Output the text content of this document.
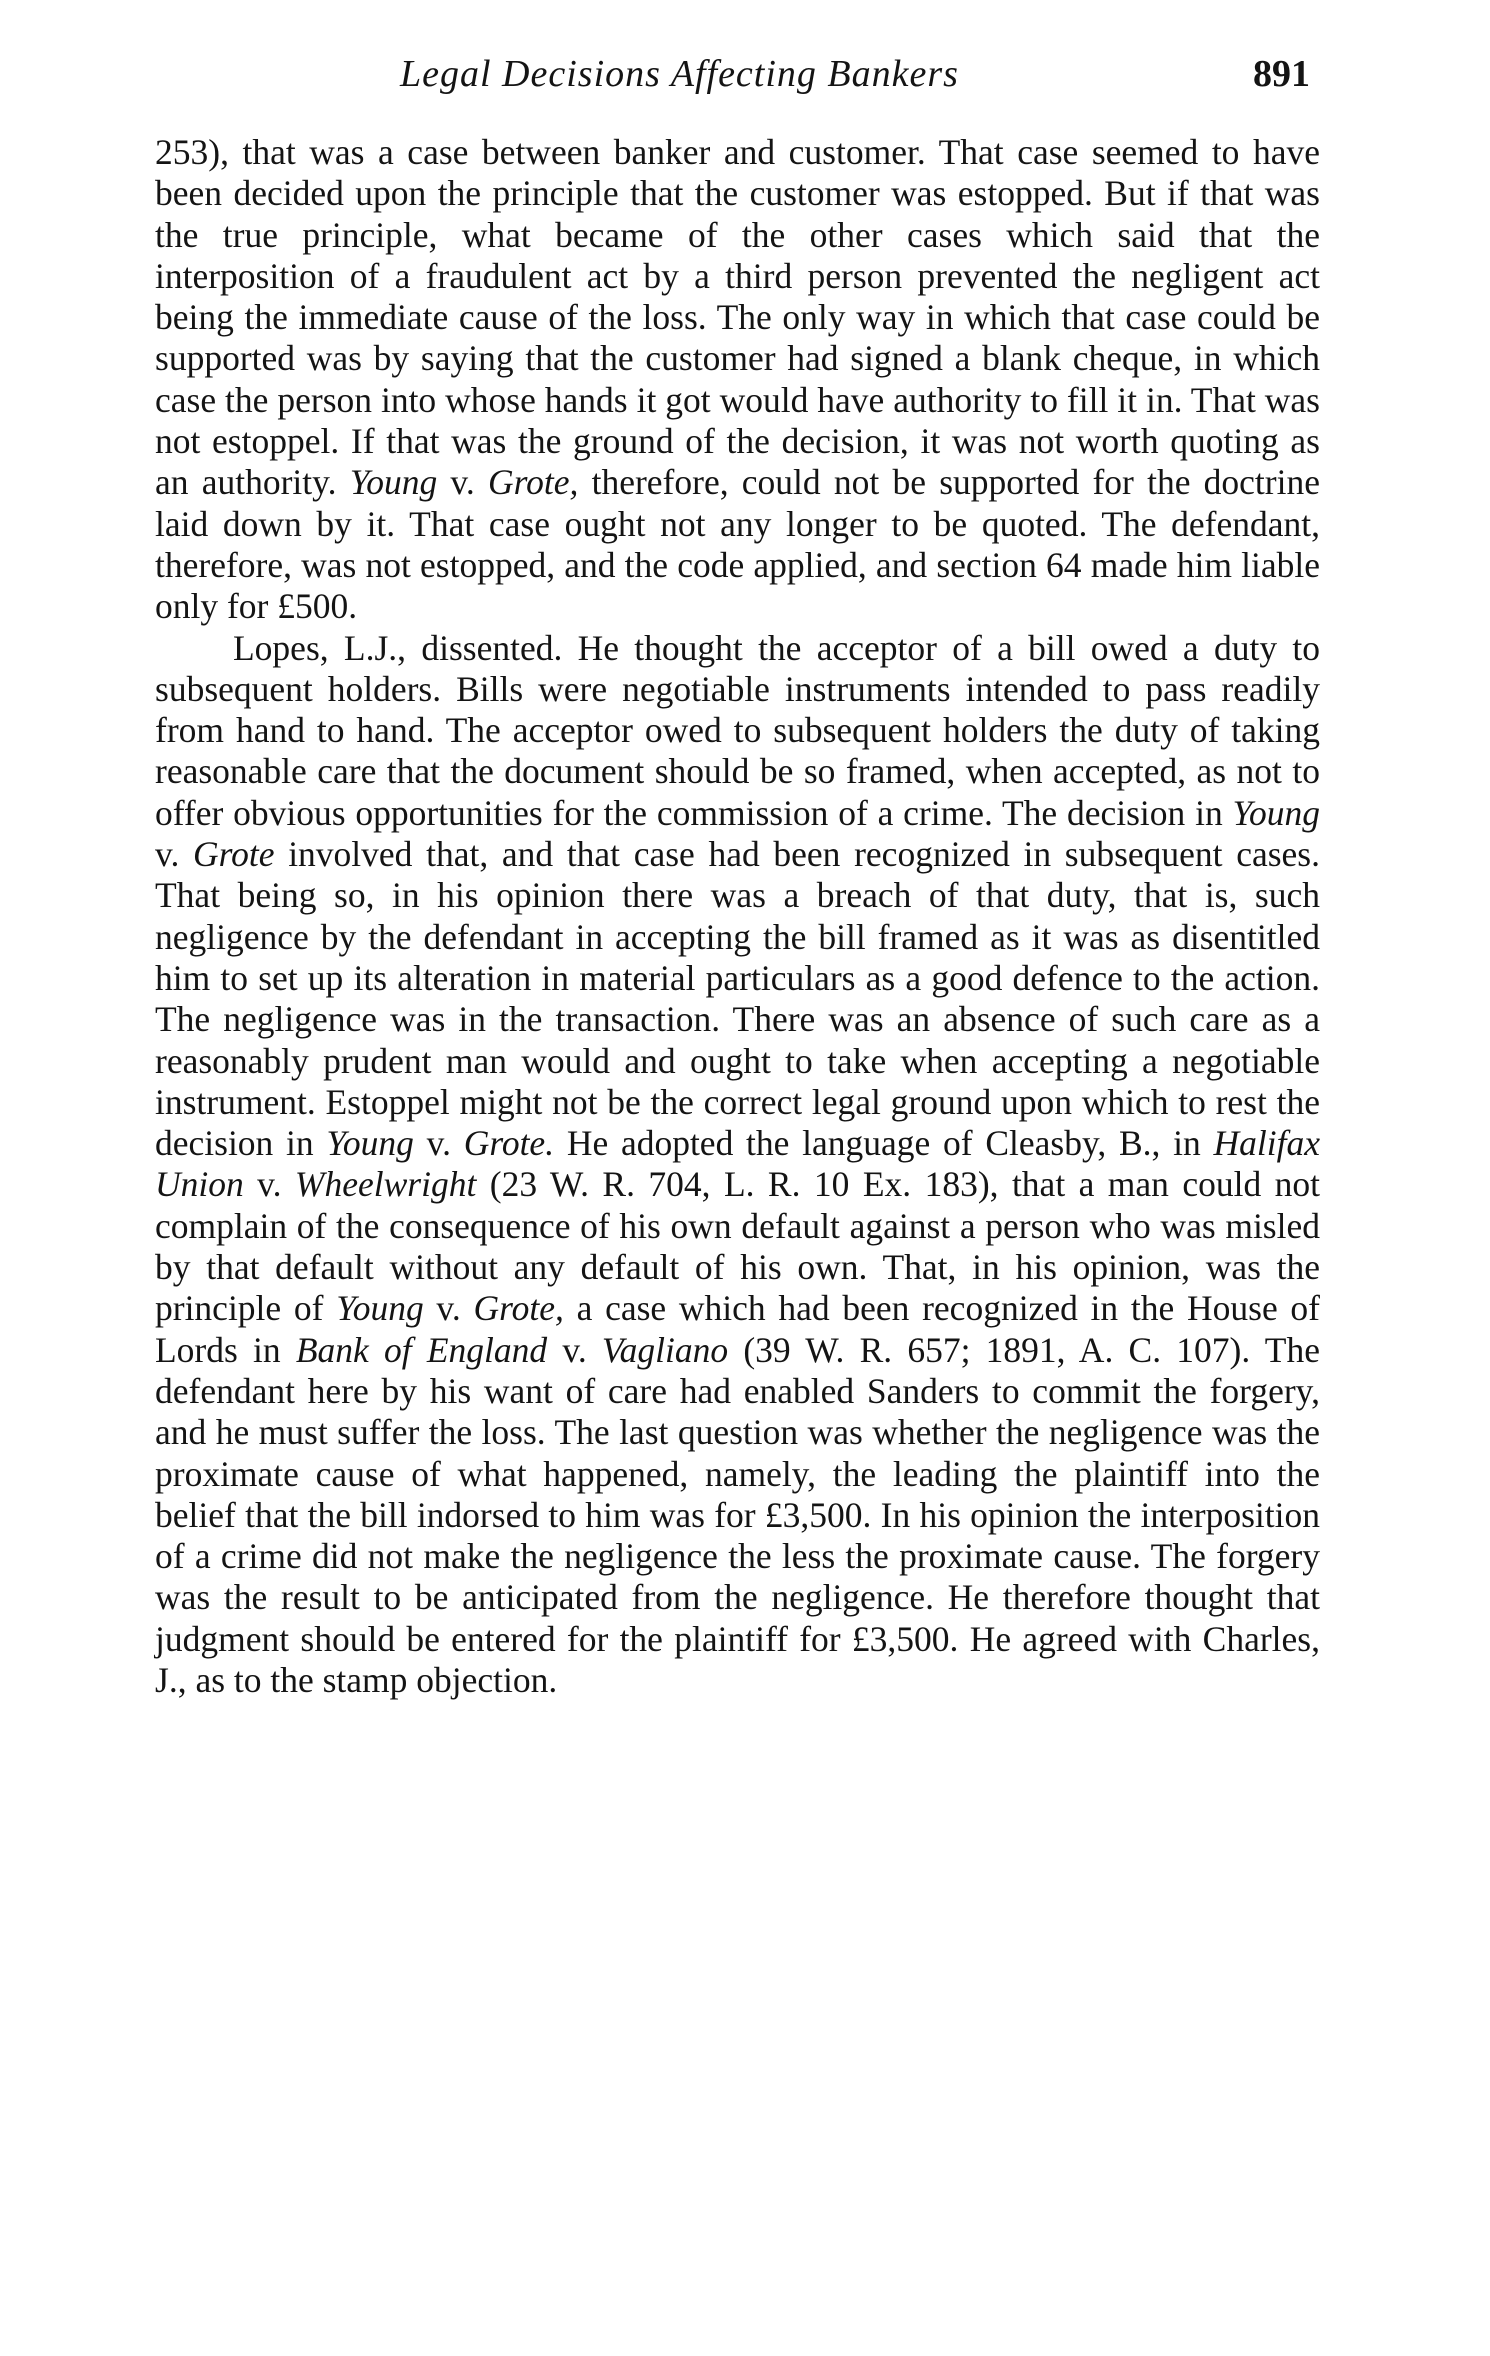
Legal Decisions Affecting Bankers	891

253), that was a case between banker and customer. That case seemed to have been decided upon the principle that the customer was estopped. But if that was the true principle, what became of the other cases which said that the interposition of a fraudulent act by a third person prevented the negligent act being the immediate cause of the loss. The only way in which that case could be supported was by saying that the customer had signed a blank cheque, in which case the person into whose hands it got would have authority to fill it in. That was not estoppel. If that was the ground of the decision, it was not worth quoting as an authority. Young v. Grote, therefore, could not be supported for the doctrine laid down by it. That case ought not any longer to be quoted. The defendant, therefore, was not estopped, and the code applied, and section 64 made him liable only for £500.

Lopes, L.J., dissented. He thought the acceptor of a bill owed a duty to subsequent holders. Bills were negotiable instruments intended to pass readily from hand to hand. The acceptor owed to subsequent holders the duty of taking reasonable care that the document should be so framed, when accepted, as not to offer obvious opportunities for the commission of a crime. The decision in Young v. Grote involved that, and that case had been recognized in subsequent cases. That being so, in his opinion there was a breach of that duty, that is, such negligence by the defendant in accepting the bill framed as it was as disentitled him to set up its alteration in material particulars as a good defence to the action. The negligence was in the transaction. There was an absence of such care as a reasonably prudent man would and ought to take when accepting a negotiable instrument. Estoppel might not be the correct legal ground upon which to rest the decision in Young v. Grote. He adopted the language of Cleasby, B., in Halifax Union v. Wheelwright (23 W. R. 704, L. R. 10 Ex. 183), that a man could not complain of the consequence of his own default against a person who was misled by that default without any default of his own. That, in his opinion, was the principle of Young v. Grote, a case which had been recognized in the House of Lords in Bank of England v. Vagliano (39 W. R. 657; 1891, A. C. 107). The defendant here by his want of care had enabled Sanders to commit the forgery, and he must suffer the loss. The last question was whether the negligence was the proximate cause of what happened, namely, the leading the plaintiff into the belief that the bill indorsed to him was for £3,500. In his opinion the interposition of a crime did not make the negligence the less the proximate cause. The forgery was the result to be anticipated from the negligence. He therefore thought that judgment should be entered for the plaintiff for £3,500. He agreed with Charles, J., as to the stamp objection.
